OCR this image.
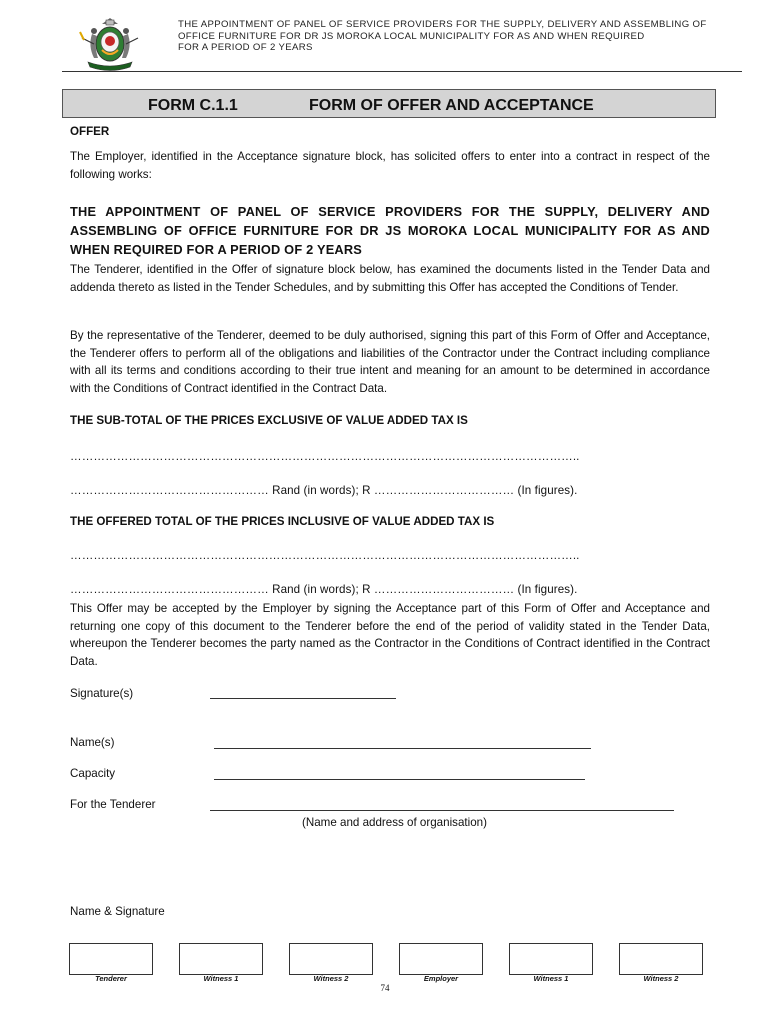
THE APPOINTMENT OF PANEL OF SERVICE PROVIDERS FOR THE SUPPLY, DELIVERY AND ASSEMBLING OF
OFFICE FURNITURE FOR DR JS MOROKA LOCAL MUNICIPALITY FOR AS AND WHEN REQUIRED
FOR A PERIOD OF 2 YEARS
FORM C.1.1	FORM OF OFFER AND ACCEPTANCE
OFFER
The Employer, identified in the Acceptance signature block, has solicited offers to enter into a contract in respect of the following works:
THE APPOINTMENT OF PANEL OF SERVICE PROVIDERS FOR THE SUPPLY, DELIVERY AND ASSEMBLING OF OFFICE FURNITURE FOR DR JS MOROKA LOCAL MUNICIPALITY FOR AS AND WHEN REQUIRED FOR A PERIOD OF 2 YEARS
The Tenderer, identified in the Offer of signature block below, has examined the documents listed in the Tender Data and addenda thereto as listed in the Tender Schedules, and by submitting this Offer has accepted the Conditions of Tender.
By the representative of the Tenderer, deemed to be duly authorised, signing this part of this Form of Offer and Acceptance, the Tenderer offers to perform all of the obligations and liabilities of the Contractor under the Contract including compliance with all its terms and conditions according to their true intent and meaning for an amount to be determined in accordance with the Conditions of Contract identified in the Contract Data.
THE SUB-TOTAL OF THE PRICES EXCLUSIVE OF VALUE ADDED TAX IS
…………………………………………………………………………………………………………………..
…………………………………………… Rand (in words); R ……………………………… (In figures).
THE OFFERED TOTAL OF THE PRICES INCLUSIVE OF VALUE ADDED TAX IS
…………………………………………………………………………………………………………………..
…………………………………………… Rand (in words); R ……………………………… (In figures).
This Offer may be accepted by the Employer by signing the Acceptance part of this Form of Offer and Acceptance and returning one copy of this document to the Tenderer before the end of the period of validity stated in the Tender Data, whereupon the Tenderer becomes the party named as the Contractor in the Conditions of Contract identified in the Contract Data.
Signature(s)
Name(s)
Capacity
For the Tenderer
(Name and address of organisation)
Name & Signature
Tenderer	Witness 1	Witness 2	Employer	Witness 1	Witness 2
74
